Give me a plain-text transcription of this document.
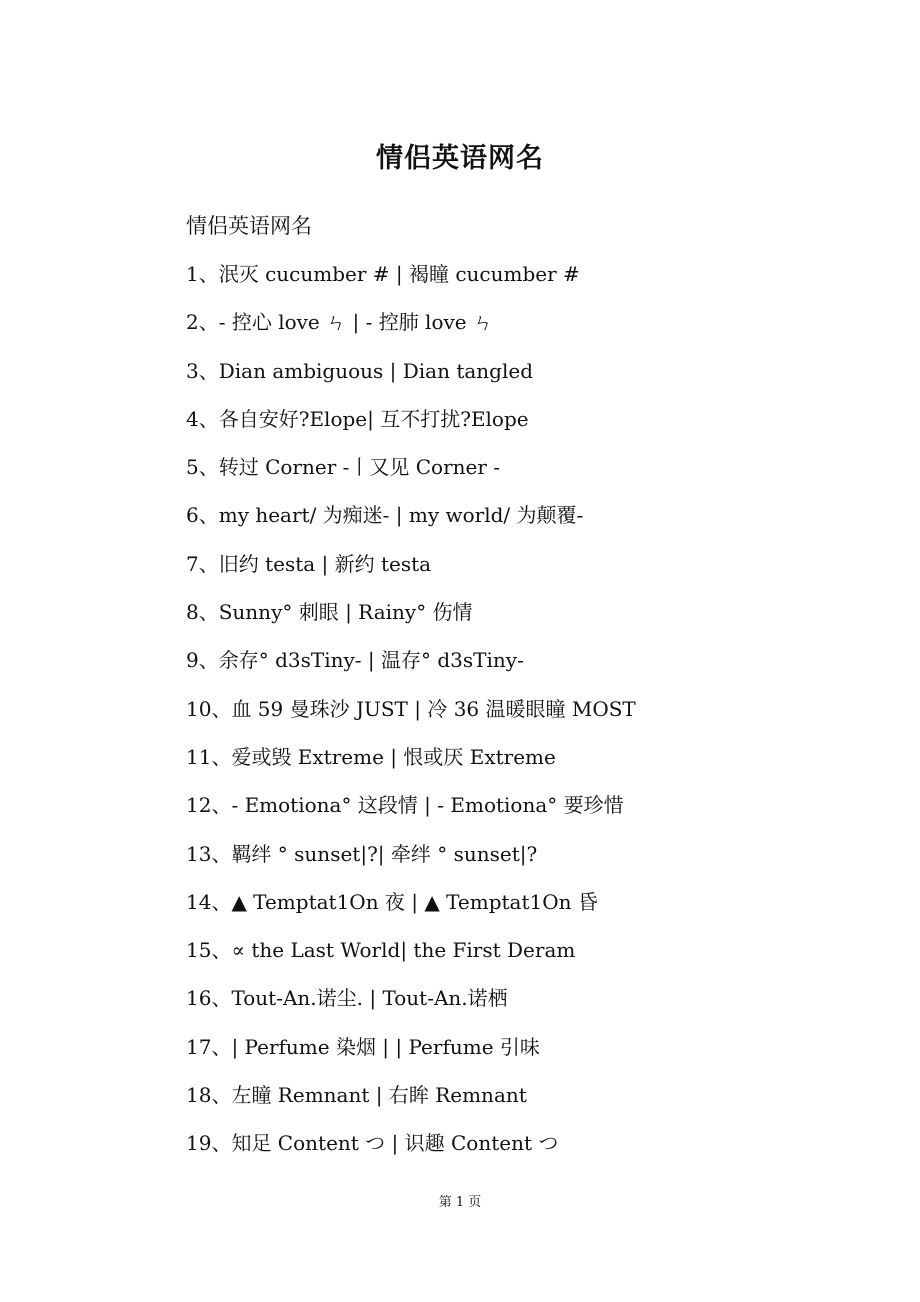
情侣英语网名
情侣英语网名
1、泯灭 cucumber # | 褐瞳 cucumber #
2、- 控心 love ㄣ | - 控肺 love ㄣ
3、Dian ambiguous | Dian tangled
4、各自安好?Elope| 互不打扰?Elope
5、转过 Corner -丨又见 Corner -
6、my heart/ 为痴迷- | my world/ 为颠覆-
7、旧约 testa | 新约 testa
8、Sunny° 刺眼 | Rainy° 伤情
9、余存° d3sTiny- | 温存° d3sTiny-
10、血 59 曼珠沙 JUST | 冷 36 温暖眼瞳 MOST
11、爱或毁 Extreme | 恨或厌 Extreme
12、- Emotiona° 这段情 | - Emotiona° 要珍惜
13、羁绊 ° sunset|?| 牵绊 ° sunset|?
14、▲ Temptat1On 夜 | ▲ Temptat1On 昏
15、∝ the Last World| the First Deram
16、Tout-An.诺尘. | Tout-An.诺栖
17、| Perfume 染烟 | | Perfume 引味
18、左瞳 Remnant | 右眸 Remnant
19、知足 Content つ | 识趣 Content つ
第 1 页
